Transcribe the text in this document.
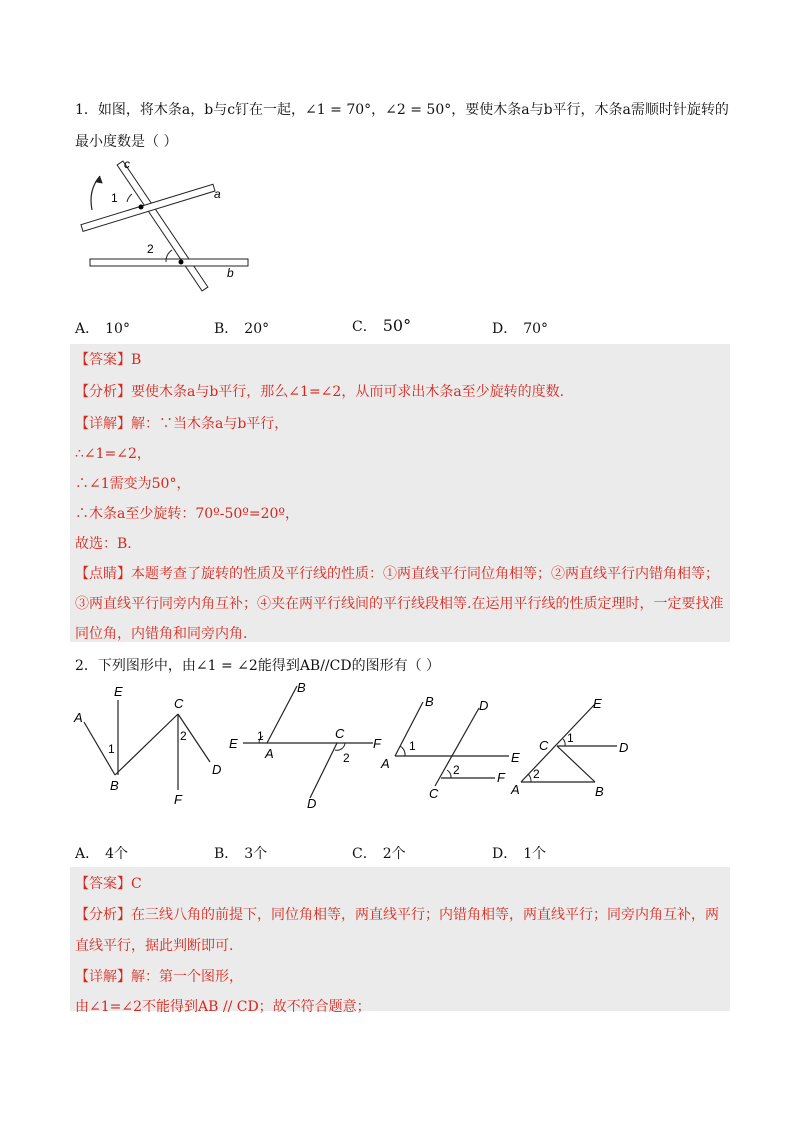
1．如图，将木条a，b与c钉在一起，∠1 = 70°，∠2 = 50°，要使木条a与b平行，木条a需顺时针旋转的
最小度数是（ ）
c
a
b
1
2
A． 10°	B． 20°	C． 50°	D． 70°
【答案】B
【分析】要使木条a与b平行，那么∠1=∠2，从而可求出木条a至少旋转的度数.
【详解】解：∵当木条a与b平行，
∴∠1=∠2，
∴∠1需变为50°，
∴木条a至少旋转：70º-50º=20º，
故选：B.
【点睛】本题考查了旋转的性质及平行线的性质：①两直线平行同位角相等；②两直线平行内错角相等；
③两直线平行同旁内角互补；④夹在两平行线间的平行线段相等.在运用平行线的性质定理时，一定要找准
同位角，内错角和同旁内角.
2．下列图形中，由∠1 = ∠2能得到AB//CD的图形有（ ）
A
E
B
C
D
F
1
2	E
B
A
C
F
D
1
2 A
B	D
E
C
F
1
2
E
C	D
A	B
1
2
A． 4个	B． 3个	C． 2个	D． 1个
【答案】C
【分析】在三线八角的前提下，同位角相等，两直线平行；内错角相等，两直线平行；同旁内角互补，两
直线平行，据此判断即可.
【详解】解：第一个图形，
由∠1=∠2不能得到AB // CD；故不符合题意；
